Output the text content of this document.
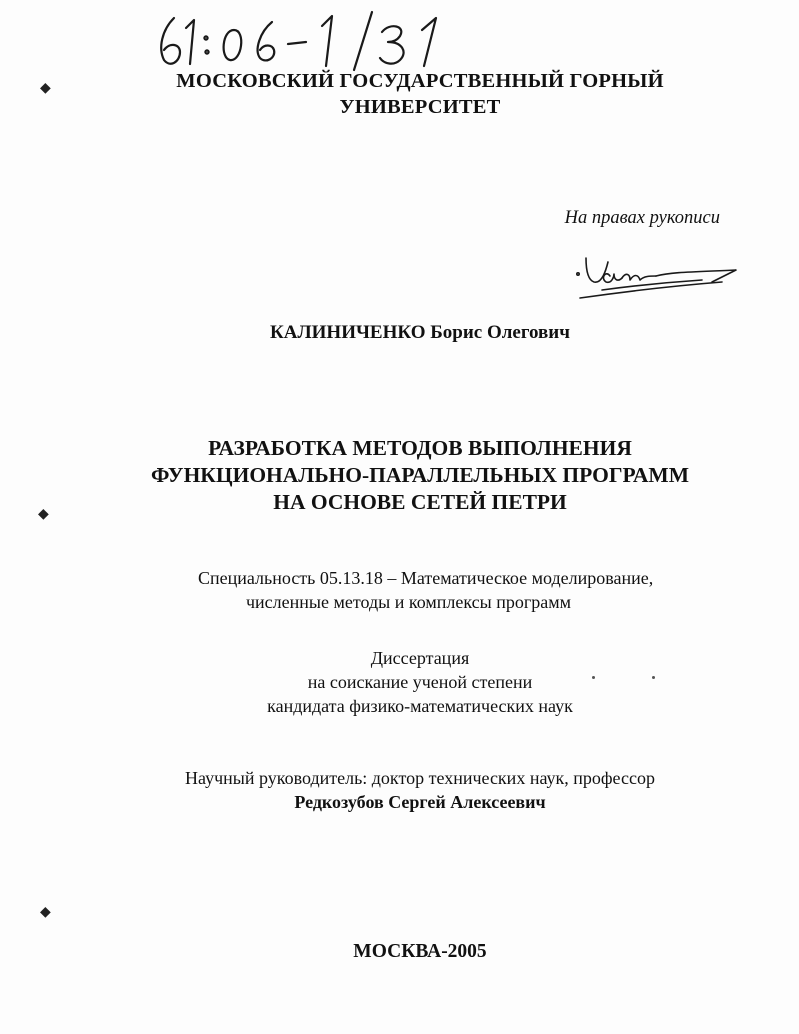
◆	МОСКОВСКИЙ ГОСУДАРСТВЕННЫЙ ГОРНЫЙ
УНИВЕРСИТЕТ
На правах рукописи
КАЛИНИЧЕНКО Борис Олегович
РАЗРАБОТКА МЕТОДОВ ВЫПОЛНЕНИЯ
ФУНКЦИОНАЛЬНО-ПАРАЛЛЕЛЬНЫХ ПРОГРАММ
НА ОСНОВЕ СЕТЕЙ ПЕТРИ
◆
Специальность 05.13.18 – Математическое моделирование,
численные методы и комплексы программ
Диссертация
на соискание ученой степени
кандидата физико-математических наук
Научный руководитель: доктор технических наук, профессор
Редкозубов Сергей Алексеевич
◆
МОСКВА-2005
